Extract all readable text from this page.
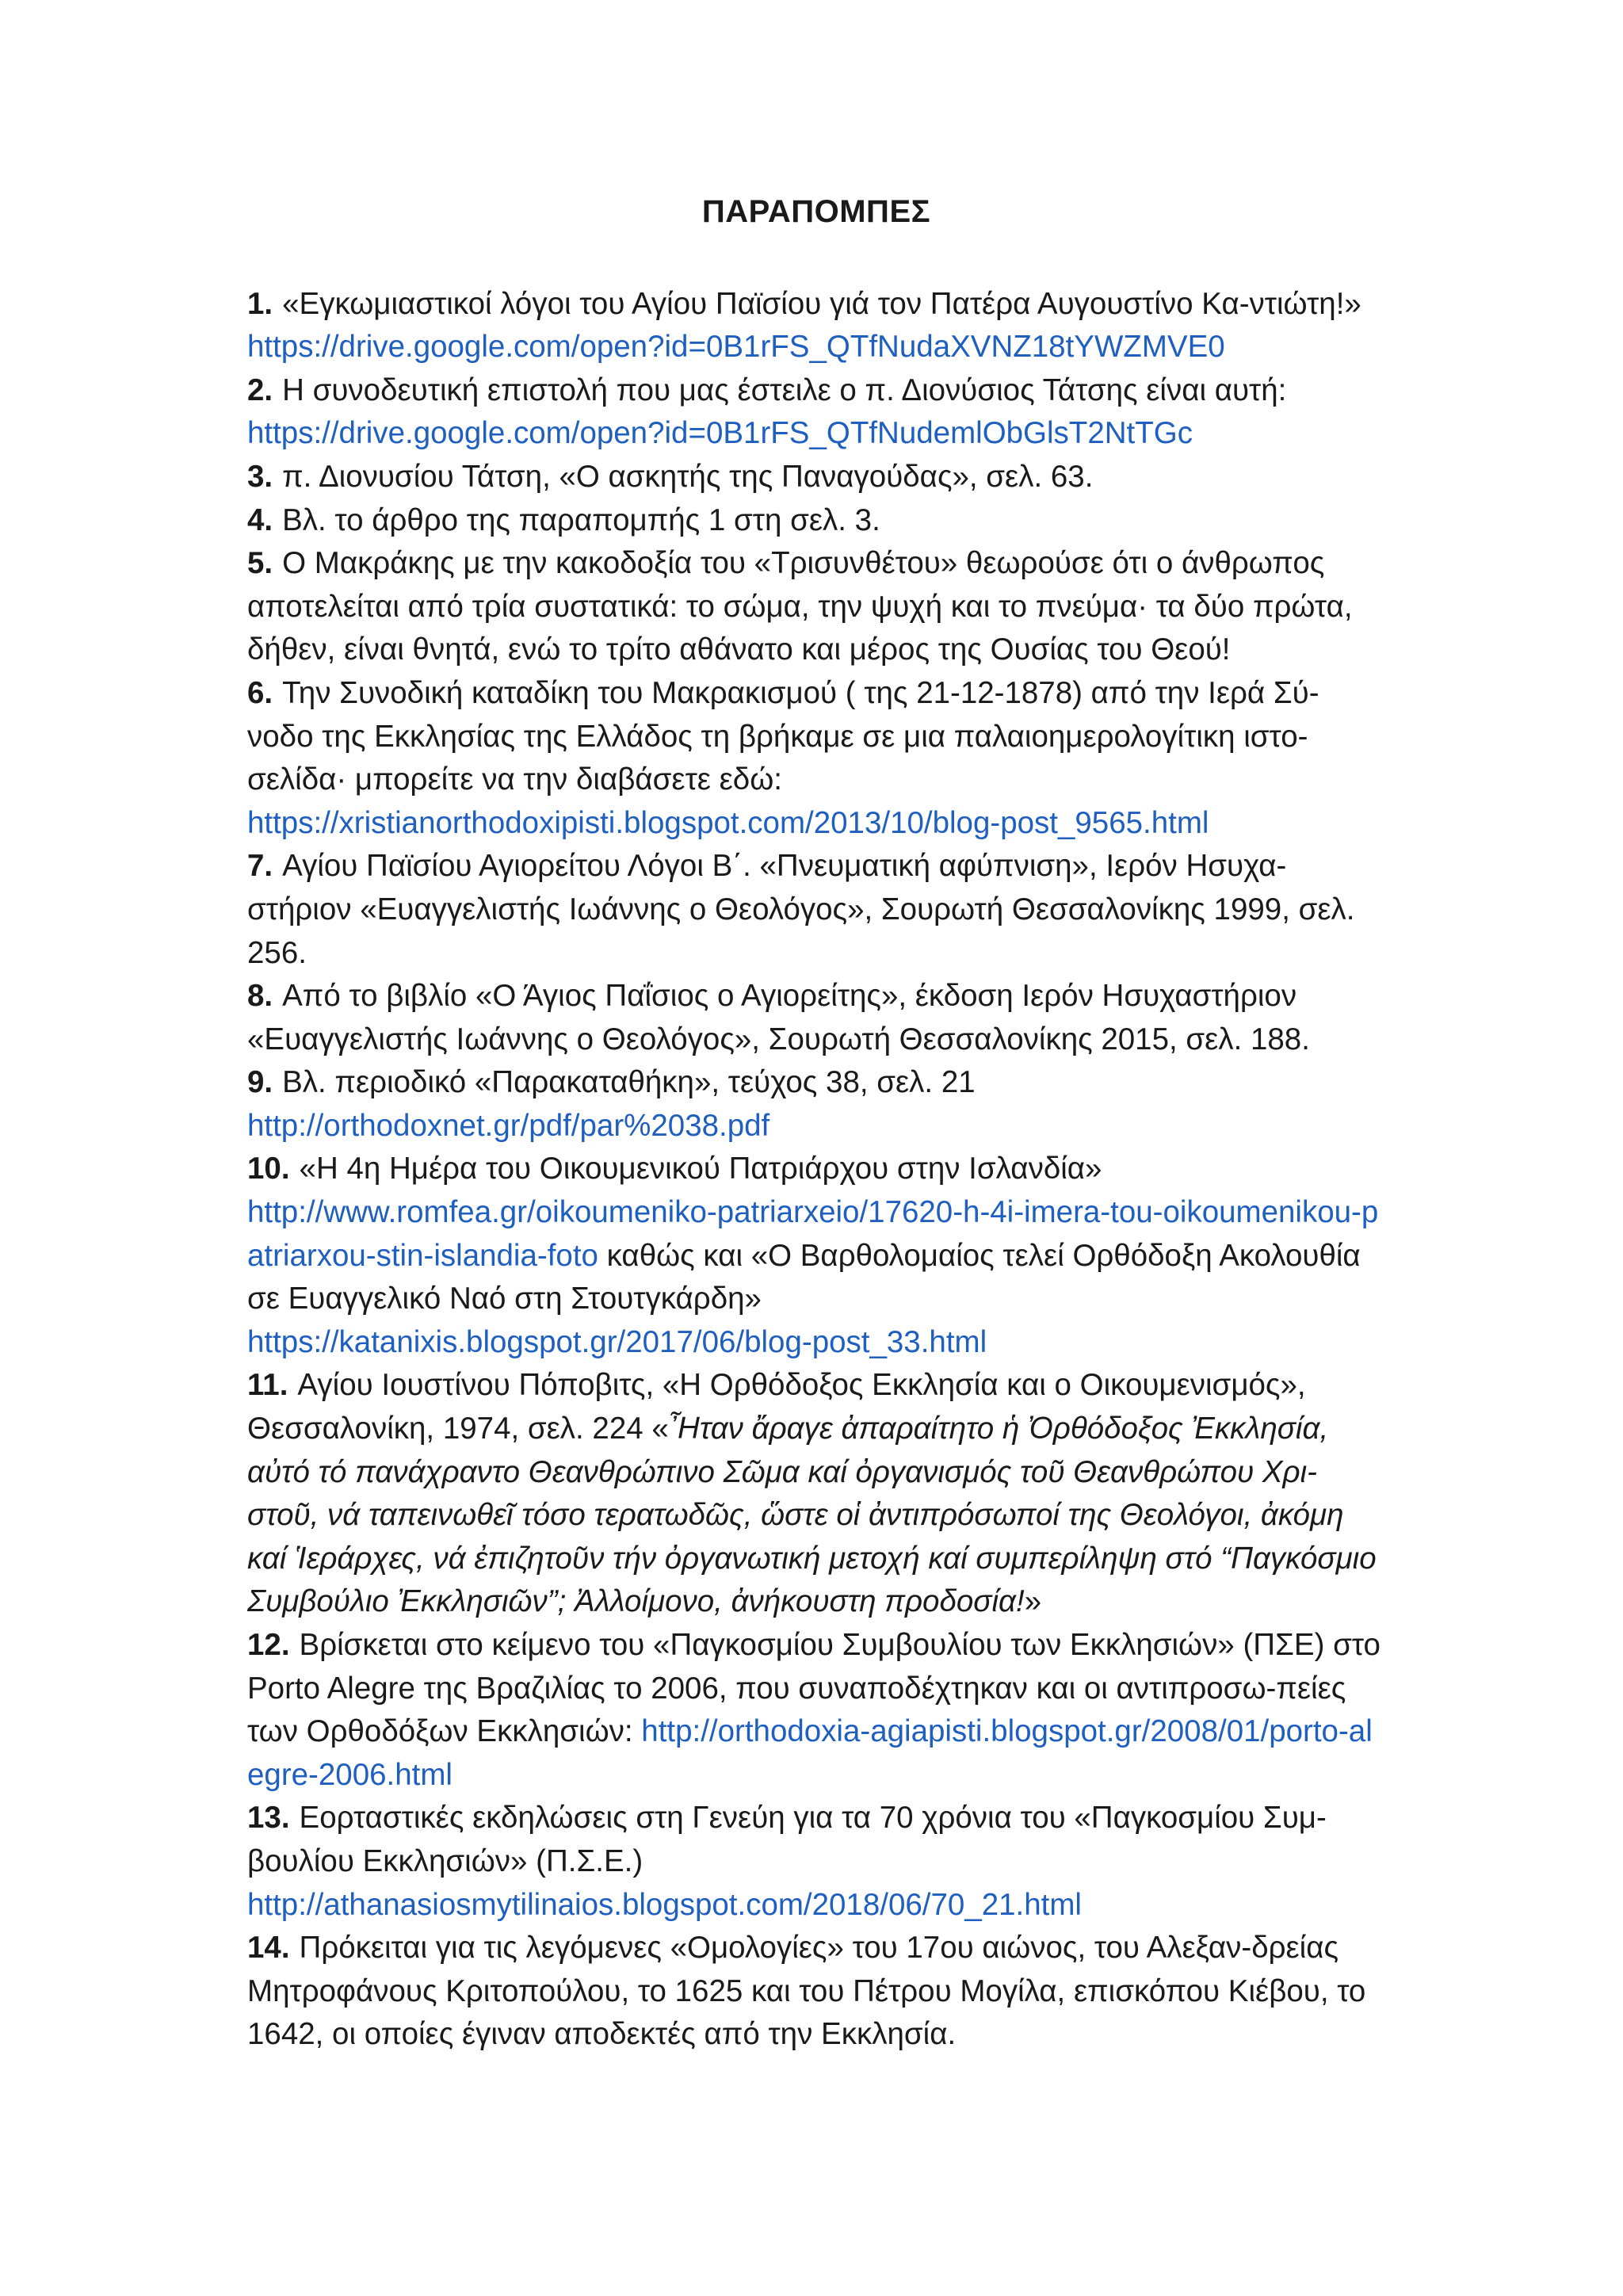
ΠΑΡΑΠΟΜΠΕΣ

1. «Εγκωμιαστικοί λόγοι του Αγίου Παϊσίου γιά τον Πατέρα Αυγουστίνο Κα-ντιώτη!» https://drive.google.com/open?id=0B1rFS_QTfNudaXVNZ18tYWZMVE0

2. Η συνοδευτική επιστολή που μας έστειλε ο π. Διονύσιος Τάτσης είναι αυτή:
https://drive.google.com/open?id=0B1rFS_QTfNudemlObGlsT2NtTGc

3. π. Διονυσίου Τάτση, «Ο ασκητής της Παναγούδας», σελ. 63.

4. Βλ. το άρθρο της παραπομπής 1 στη σελ. 3.

5. Ο Μακράκης με την κακοδοξία του «Τρισυνθέτου» θεωρούσε ότι ο άνθρωπος αποτελείται από τρία συστατικά: το σώμα, την ψυχή και το πνεύμα· τα δύο πρώτα, δήθεν, είναι θνητά, ενώ το τρίτο αθάνατο και μέρος της Ουσίας του Θεού!

6. Την Συνοδική καταδίκη του Μακρακισμού ( της 21-12-1878) από την Ιερά Σύ-νοδο της Εκκλησίας της Ελλάδος τη βρήκαμε σε μια παλαιοημερολογίτικη ιστο-σελίδα· μπορείτε να την διαβάσετε εδώ:
https://xristianorthodoxipisti.blogspot.com/2013/10/blog-post_9565.html

7. Αγίου Παϊσίου Αγιορείτου Λόγοι Β΄. «Πνευματική αφύπνιση», Ιερόν Ησυχα-στήριον «Ευαγγελιστής Ιωάννης ο Θεολόγος», Σουρωτή Θεσσαλονίκης 1999, σελ. 256.

8. Από το βιβλίο «Ο Άγιος Παΐσιος ο Αγιορείτης», έκδοση Ιερόν Ησυχαστήριον «Ευαγγελιστής Ιωάννης ο Θεολόγος», Σουρωτή Θεσσαλονίκης 2015, σελ. 188.

9. Βλ. περιοδικό «Παρακαταθήκη», τεύχος 38, σελ. 21
http://orthodoxnet.gr/pdf/par%2038.pdf

10. «Η 4η Ημέρα του Οικουμενικού Πατριάρχου στην Ισλανδία»
http://www.romfea.gr/oikoumeniko-patriarxeio/17620-h-4i-imera-tou-oikoumenikou-patriarxou-stin-islandia-foto καθώς και «Ο Βαρθολομαίος τελεί Ορθόδοξη Ακολουθία σε Ευαγγελικό Ναό στη Στουτγκάρδη»
https://katanixis.blogspot.gr/2017/06/blog-post_33.html

11. Αγίου Ιουστίνου Πόποβιτς, «Η Ορθόδοξος Εκκλησία και ο Οικουμενισμός», Θεσσαλονίκη, 1974, σελ. 224 «Ἦταν ἄραγε ἀπαραίτητο ἡ Ὀρθόδοξος Ἐκκλησία, αὐτό τό πανάχραντο Θεανθρώπινο Σῶμα καί ὀργανισμός τοῦ Θεανθρώπου Χρι-στοῦ, νά ταπεινωθεῖ τόσο τερατωδῶς, ὥστε οἱ ἀντιπρόσωποί της Θεολόγοι, ἀκόμη καί Ἱεράρχες, νά ἐπιζητοῦν τήν ὀργανωτική μετοχή καί συμπερίληψη στό “Παγκόσμιο Συμβούλιο Ἐκκλησιῶν”; Ἀλλοίμονο, ἀνήκουστη προδοσία!»

12. Βρίσκεται στο κείμενο του «Παγκοσμίου Συμβουλίου των Εκκλησιών» (ΠΣΕ) στο Porto Alegre της Βραζιλίας το 2006, που συναποδέχτηκαν και οι αντιπροσω-πείες των Ορθοδόξων Εκκλησιών: http://orthodoxia-agiapisti.blogspot.gr/2008/01/porto-alegre-2006.html

13. Εορταστικές εκδηλώσεις στη Γενεύη για τα 70 χρόνια του «Παγκοσμίου Συμ-βουλίου Εκκλησιών» (Π.Σ.Ε.)
http://athanasiosmytilinaios.blogspot.com/2018/06/70_21.html

14. Πρόκειται για τις λεγόμενες «Ομολογίες» του 17ου αιώνος, του Αλεξαν-δρείας Μητροφάνους Κριτοπούλου, το 1625 και του Πέτρου Μογίλα, επισκόπου Κιέβου, το 1642, οι οποίες έγιναν αποδεκτές από την Εκκλησία.
